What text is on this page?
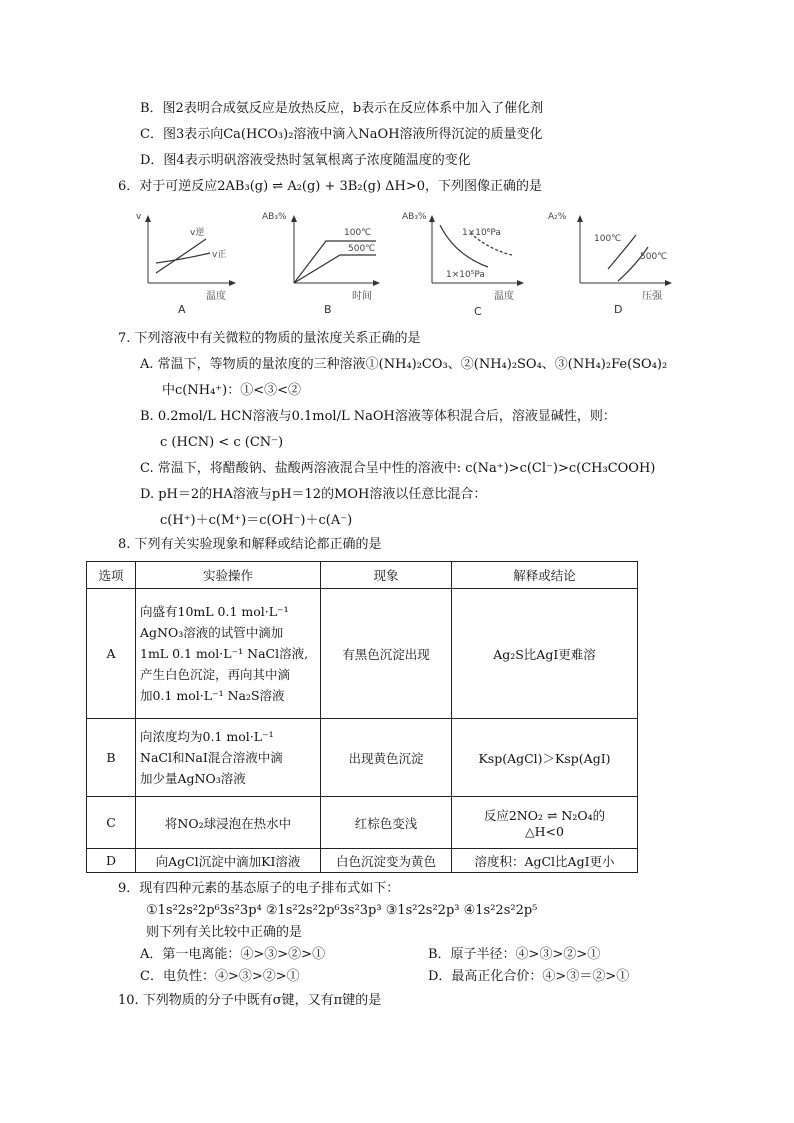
B．图2表明合成氨反应是放热反应，b表示在反应体系中加入了催化剂
C．图3表示向Ca(HCO₃)₂溶液中滴入NaOH溶液所得沉淀的质量变化
D．图4表示明矾溶液受热时氢氧根离子浓度随温度的变化
6．对于可逆反应2AB₃(g) ⇌ A₂(g) + 3B₂(g) ΔH>0，下列图像正确的是
v
v逆
v正
温度
A
AB₃%
100℃
500℃
时间
B
AB₃%
1×10⁶Pa
1×10⁵Pa
温度
C
A₂%
100℃
500℃
压强
D
7. 下列溶液中有关微粒的物质的量浓度关系正确的是
A. 常温下，等物质的量浓度的三种溶液①(NH₄)₂CO₃、②(NH₄)₂SO₄、③(NH₄)₂Fe(SO₄)₂
中c(NH₄⁺)：①<③<②
B. 0.2mol/L HCN溶液与0.1mol/L NaOH溶液等体积混合后，溶液显碱性，则：
c (HCN) < c (CN⁻)
C. 常温下，将醋酸钠、盐酸两溶液混合呈中性的溶液中: c(Na⁺)>c(Cl⁻)>c(CH₃COOH)
D. pH＝2的HA溶液与pH＝12的MOH溶液以任意比混合：
c(H⁺)＋c(M⁺)＝c(OH⁻)＋c(A⁻)
8. 下列有关实验现象和解释或结论都正确的是
选项	实验操作	现象	解释或结论
A	向盛有10mL 0.1 mol·L⁻¹
AgNO₃溶液的试管中滴加
1mL 0.1 mol·L⁻¹ NaCl溶液,
产生白色沉淀，再向其中滴
加0.1 mol·L⁻¹ Na₂S溶液	有黑色沉淀出现	Ag₂S比AgI更难溶
B	向浓度均为0.1 mol·L⁻¹
NaCl和NaI混合溶液中滴
加少量AgNO₃溶液	出现黄色沉淀	Ksp(AgCl)＞Ksp(AgI)
C	将NO₂球浸泡在热水中	红棕色变浅	反应2NO₂ ⇌ N₂O₄的
△H<0

D	向AgCl沉淀中滴加KI溶液	白色沉淀变为黄色	溶度积：AgCl比AgI更小
9．现有四种元素的基态原子的电子排布式如下：
①1s²2s²2p⁶3s²3p⁴ ②1s²2s²2p⁶3s²3p³ ③1s²2s²2p³ ④1s²2s²2p⁵
则下列有关比较中正确的是
A．第一电离能：④>③>②>①	B．原子半径：④>③>②>①
C．电负性：④>③>②>①	D．最高正化合价：④>③＝②>①
10. 下列物质的分子中既有σ键，又有π键的是
